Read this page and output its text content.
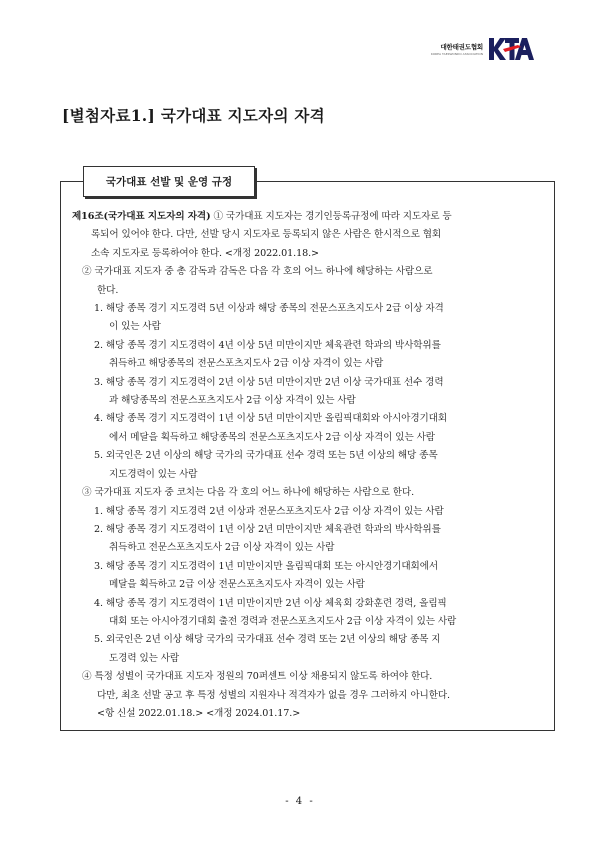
대한태권도협회
KOREA TAEKWONDO ASSOCIATION
[별첨자료1.] 국가대표 지도자의 자격
국가대표 선발 및 운영 규정
제16조(국가대표 지도자의 자격) ① 국가대표 지도자는 경기인등록규정에 따라 지도자로 등
록되어 있어야 한다. 다만, 선발 당시 지도자로 등록되지 않은 사람은 한시적으로 협회
소속 지도자로 등록하여야 한다. <개정 2022.01.18.>
② 국가대표 지도자 중 총 감독과 감독은 다음 각 호의 어느 하나에 해당하는 사람으로
한다.
1. 해당 종목 경기 지도경력 5년 이상과 해당 종목의 전문스포츠지도사 2급 이상 자격
이 있는 사람
2. 해당 종목 경기 지도경력이 4년 이상 5년 미만이지만 체육관련 학과의 박사학위를
취득하고 해당종목의 전문스포츠지도사 2급 이상 자격이 있는 사람
3. 해당 종목 경기 지도경력이 2년 이상 5년 미만이지만 2년 이상 국가대표 선수 경력
과 해당종목의 전문스포츠지도사 2급 이상 자격이 있는 사람
4. 해당 종목 경기 지도경력이 1년 이상 5년 미만이지만 올림픽대회와 아시아경기대회
에서 메달을 획득하고 해당종목의 전문스포츠지도사 2급 이상 자격이 있는 사람
5. 외국인은 2년 이상의 해당 국가의 국가대표 선수 경력 또는 5년 이상의 해당 종목
지도경력이 있는 사람
③ 국가대표 지도자 중 코치는 다음 각 호의 어느 하나에 해당하는 사람으로 한다.
1. 해당 종목 경기 지도경력 2년 이상과 전문스포츠지도사 2급 이상 자격이 있는 사람
2. 해당 종목 경기 지도경력이 1년 이상 2년 미만이지만 체육관련 학과의 박사학위를
취득하고 전문스포츠지도사 2급 이상 자격이 있는 사람
3. 해당 종목 경기 지도경력이 1년 미만이지만 올림픽대회 또는 아시안경기대회에서
메달을 획득하고 2급 이상 전문스포츠지도사 자격이 있는 사람
4. 해당 종목 경기 지도경력이 1년 미만이지만 2년 이상 체육회 강화훈련 경력, 올림픽
대회 또는 아시아경기대회 출전 경력과 전문스포츠지도사 2급 이상 자격이 있는 사람
5. 외국인은 2년 이상 해당 국가의 국가대표 선수 경력 또는 2년 이상의 해당 종목 지
도경력 있는 사람
④ 특정 성별이 국가대표 지도자 정원의 70퍼센트 이상 채용되지 않도록 하여야 한다.
다만, 최초 선발 공고 후 특정 성별의 지원자나 적격자가 없을 경우 그러하지 아니한다.
<항 신설 2022.01.18.> <개정 2024.01.17.>
- 4 -
